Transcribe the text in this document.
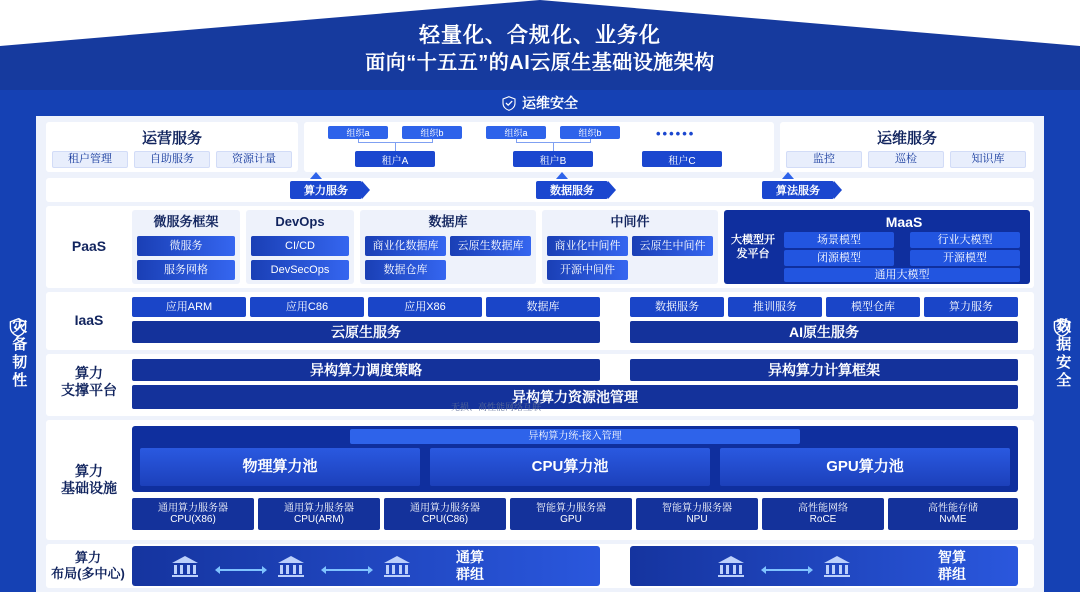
轻量化、合规化、业务化
面向“十五五”的AI云原生基础设施架构
运维安全
灾备韧性	数据安全
运营服务
租户管理	自助服务	资源计量
组织a	组织b	组织a	组织b	••••••
租户A	租户B	租户C
运维服务
监控	巡检	知识库
算力服务	数据服务	算法服务
PaaS
微服务框架
微服务
服务网格
DevOps
CI/CD
DevSecOps
数据库
商业化数据库	云原生数据库
数据仓库
中间件
商业化中间件	云原生中间件
开源中间件
大模型开发平台
MaaS
场景模型	行业大模型
闭源模型	开源模型
通用大模型
IaaS
应用ARM	应用C86	应用X86	数据库
云原生服务
数据服务	推训服务	模型仓库	算力服务
AI原生服务
算力
支撑平台
异构算力调度策略	异构算力计算框架
异构算力资源池管理
无损、高性能网络互联
算力
基础设施
异构算力统-接入管理
物理算力池	CPU算力池	GPU算力池
通用算力服务器
CPU(X86)
通用算力服务器
CPU(ARM)
通用算力服务器
CPU(C86)
智能算力服务器
GPU
智能算力服务器
NPU
高性能网络
RoCE
高性能存储
NvME
算力
布局(多中心)
通算
群组
智算
群组
